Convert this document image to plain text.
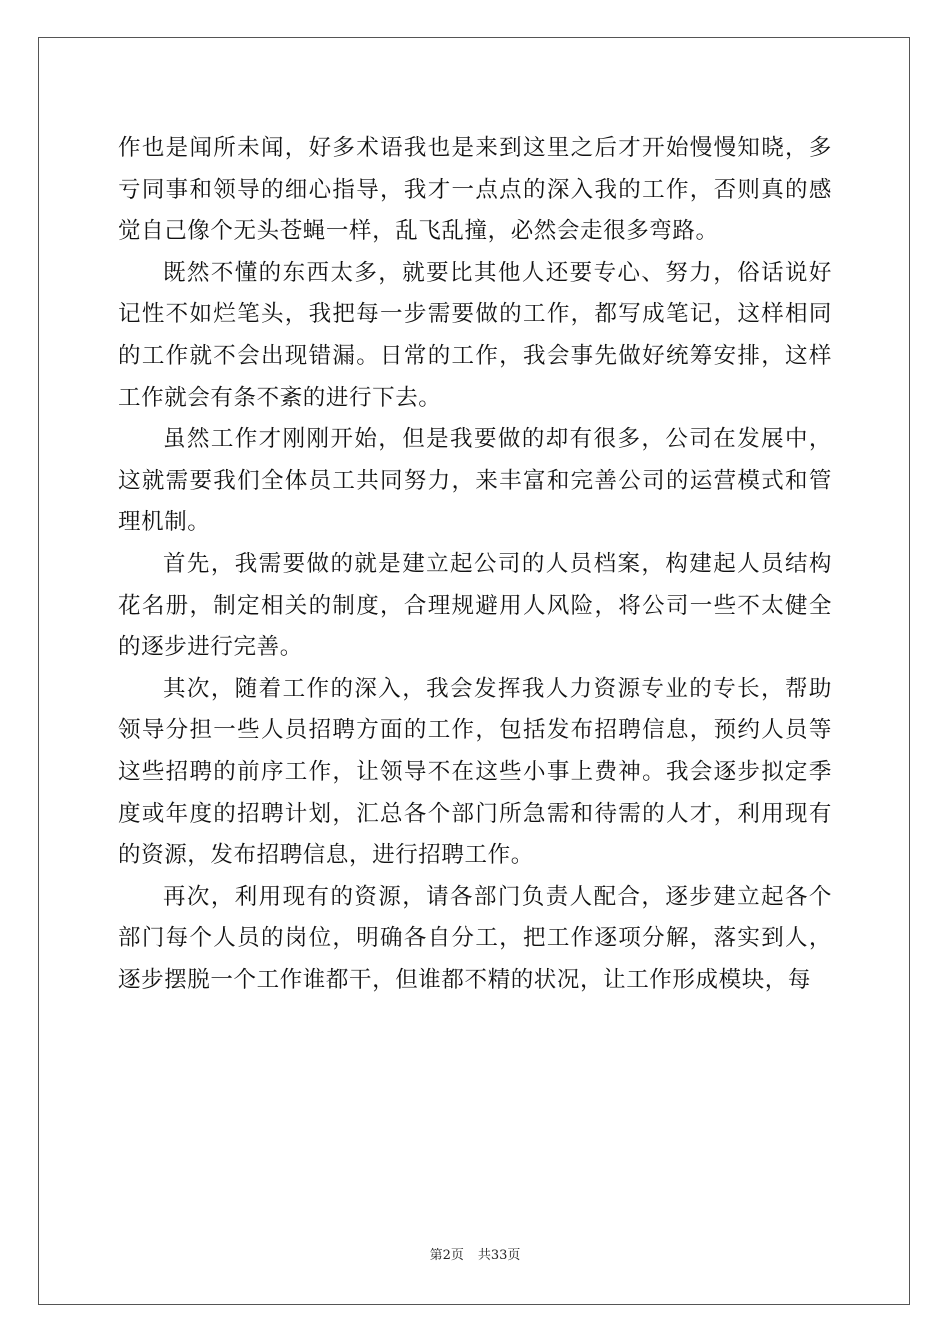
作也是闻所未闻，好多术语我也是来到这里之后才开始慢慢知晓，多亏同事和领导的细心指导，我才一点点的深入我的工作，否则真的感觉自己像个无头苍蝇一样，乱飞乱撞，必然会走很多弯路。

既然不懂的东西太多，就要比其他人还要专心、努力，俗话说好记性不如烂笔头，我把每一步需要做的工作，都写成笔记，这样相同的工作就不会出现错漏。日常的工作，我会事先做好统筹安排，这样工作就会有条不紊的进行下去。

虽然工作才刚刚开始，但是我要做的却有很多，公司在发展中，这就需要我们全体员工共同努力，来丰富和完善公司的运营模式和管理机制。

首先，我需要做的就是建立起公司的人员档案，构建起人员结构花名册，制定相关的制度，合理规避用人风险，将公司一些不太健全的逐步进行完善。

其次，随着工作的深入，我会发挥我人力资源专业的专长，帮助领导分担一些人员招聘方面的工作，包括发布招聘信息，预约人员等这些招聘的前序工作，让领导不在这些小事上费神。我会逐步拟定季度或年度的招聘计划，汇总各个部门所急需和待需的人才，利用现有的资源，发布招聘信息，进行招聘工作。

再次，利用现有的资源，请各部门负责人配合，逐步建立起各个部门每个人员的岗位，明确各自分工，把工作逐项分解，落实到人，逐步摆脱一个工作谁都干，但谁都不精的状况，让工作形成模块，每

第2页 共33页
